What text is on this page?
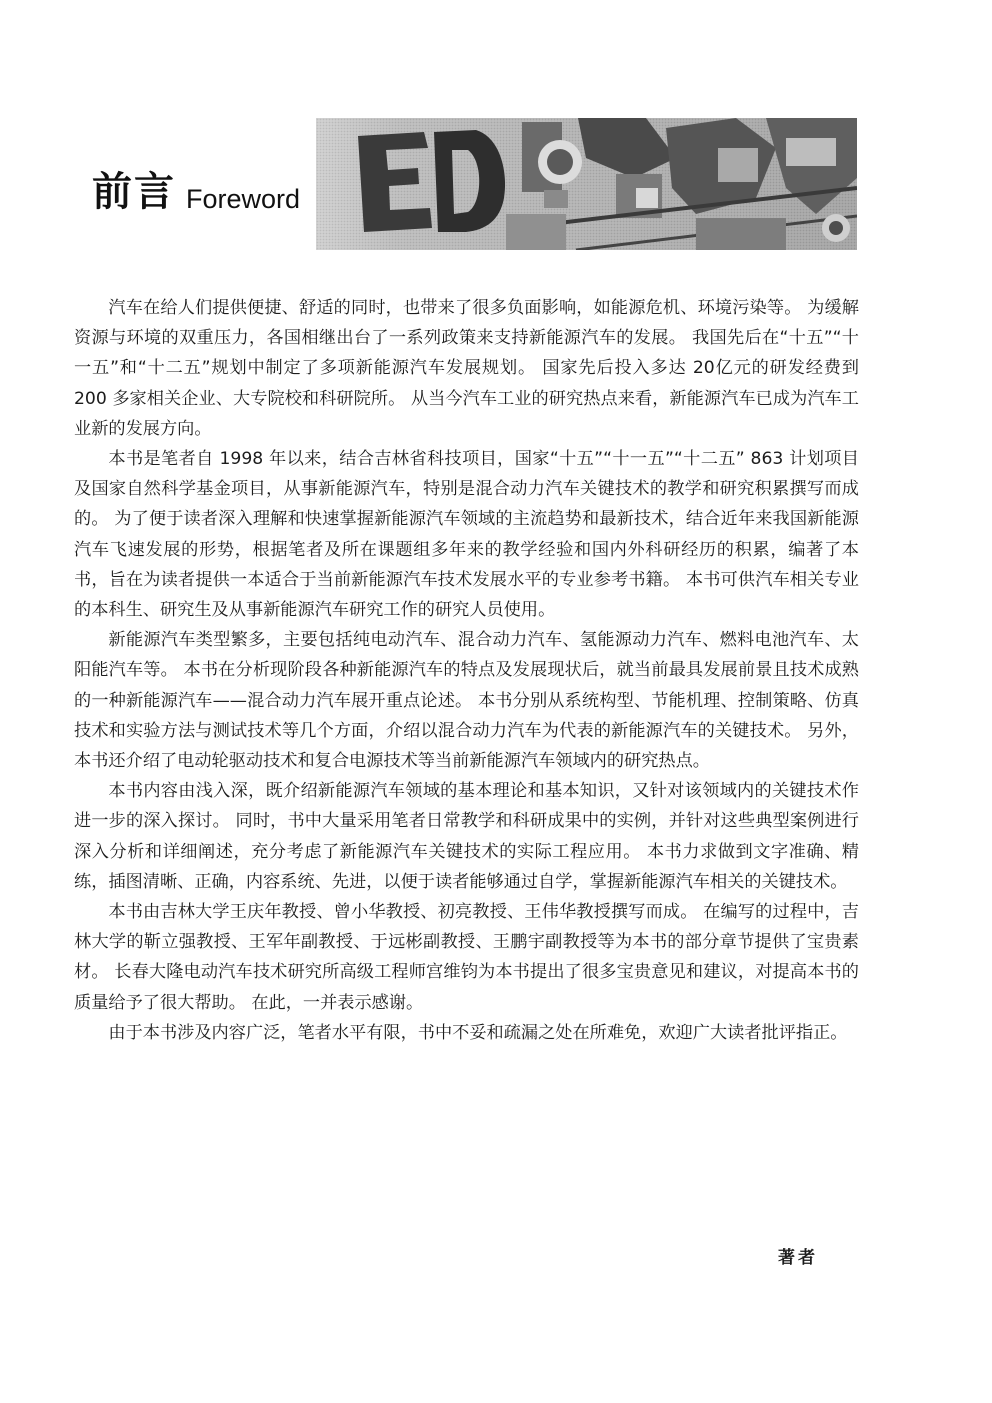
前言 Foreword

汽车在给人们提供便捷、舒适的同时，也带来了很多负面影响，如能源危机、环境污染等。 为缓解资源与环境的双重压力，各国相继出台了一系列政策来支持新能源汽车的发展。 我国先后在“十五”“十一五”和“十二五”规划中制定了多项新能源汽车发展规划。 国家先后投入多达 20亿元的研发经费到 200 多家相关企业、大专院校和科研院所。 从当今汽车工业的研究热点来看，新能源汽车已成为汽车工业新的发展方向。

本书是笔者自 1998 年以来，结合吉林省科技项目，国家“十五”“十一五”“十二五” 863 计划项目及国家自然科学基金项目，从事新能源汽车，特别是混合动力汽车关键技术的教学和研究积累撰写而成的。 为了便于读者深入理解和快速掌握新能源汽车领域的主流趋势和最新技术，结合近年来我国新能源汽车飞速发展的形势，根据笔者及所在课题组多年来的教学经验和国内外科研经历的积累，编著了本书，旨在为读者提供一本适合于当前新能源汽车技术发展水平的专业参考书籍。 本书可供汽车相关专业的本科生、研究生及从事新能源汽车研究工作的研究人员使用。

新能源汽车类型繁多，主要包括纯电动汽车、混合动力汽车、氢能源动力汽车、燃料电池汽车、太阳能汽车等。 本书在分析现阶段各种新能源汽车的特点及发展现状后，就当前最具发展前景且技术成熟的一种新能源汽车——混合动力汽车展开重点论述。 本书分别从系统构型、节能机理、控制策略、仿真技术和实验方法与测试技术等几个方面，介绍以混合动力汽车为代表的新能源汽车的关键技术。 另外，本书还介绍了电动轮驱动技术和复合电源技术等当前新能源汽车领域内的研究热点。

本书内容由浅入深，既介绍新能源汽车领域的基本理论和基本知识，又针对该领域内的关键技术作进一步的深入探讨。 同时，书中大量采用笔者日常教学和科研成果中的实例，并针对这些典型案例进行深入分析和详细阐述，充分考虑了新能源汽车关键技术的实际工程应用。 本书力求做到文字准确、精练，插图清晰、正确，内容系统、先进，以便于读者能够通过自学，掌握新能源汽车相关的关键技术。

本书由吉林大学王庆年教授、曾小华教授、初亮教授、王伟华教授撰写而成。 在编写的过程中，吉林大学的靳立强教授、王军年副教授、于远彬副教授、王鹏宇副教授等为本书的部分章节提供了宝贵素材。 长春大隆电动汽车技术研究所高级工程师宫维钧为本书提出了很多宝贵意见和建议，对提高本书的质量给予了很大帮助。 在此，一并表示感谢。

由于本书涉及内容广泛，笔者水平有限，书中不妥和疏漏之处在所难免，欢迎广大读者批评指正。

著者
